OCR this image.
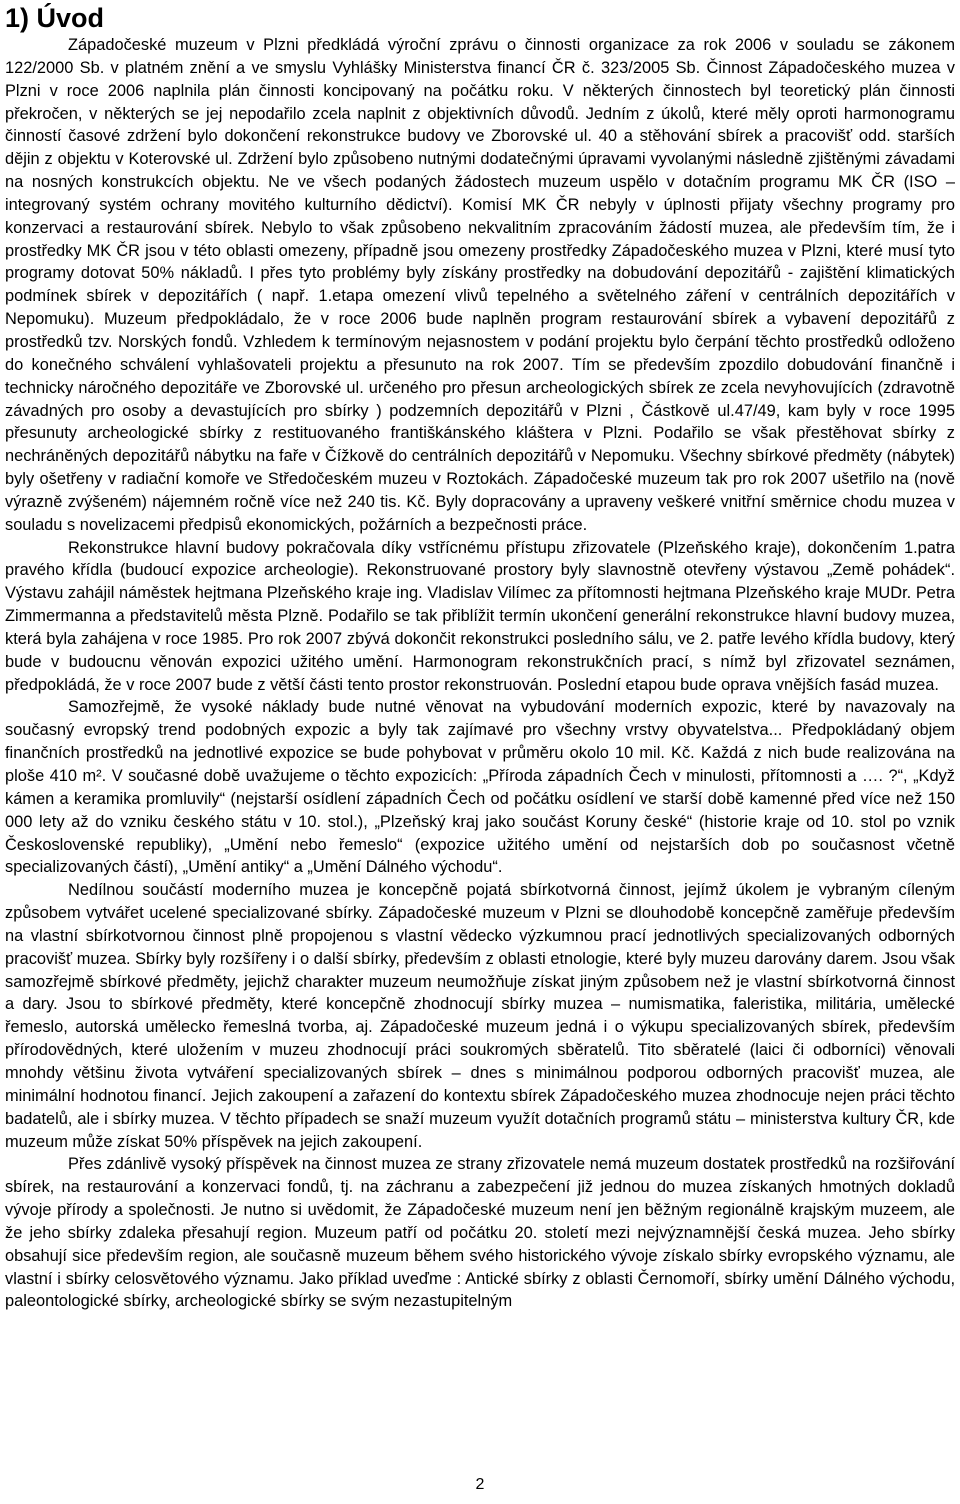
1) Úvod

Západočeské muzeum v Plzni předkládá výroční zprávu o činnosti organizace za rok 2006 v souladu se zákonem 122/2000 Sb. v platném znění a ve smyslu Vyhlášky Ministerstva financí ČR č. 323/2005 Sb. Činnost Západočeského muzea v Plzni v roce 2006 naplnila plán činnosti koncipovaný na počátku roku. V některých činnostech byl teoretický plán činnosti překročen, v některých se jej nepodařilo zcela naplnit z objektivních důvodů. Jedním z úkolů, které měly oproti harmonogramu činností časové zdržení bylo dokončení rekonstrukce budovy ve Zborovské ul. 40 a stěhování sbírek a pracovišť odd. starších dějin z objektu v Koterovské ul. Zdržení bylo způsobeno nutnými dodatečnými úpravami vyvolanými následně zjištěnými závadami na nosných konstrukcích objektu. Ne ve všech podaných žádostech muzeum uspělo v dotačním programu MK ČR (ISO – integrovaný systém ochrany movitého kulturního dědictví). Komisí MK ČR nebyly v úplnosti přijaty všechny programy pro konzervaci a restaurování sbírek. Nebylo to však způsobeno nekvalitním zpracováním žádostí muzea, ale především tím, že i prostředky MK ČR jsou v této oblasti omezeny, případně jsou omezeny prostředky Západočeského muzea v Plzni, které musí tyto programy dotovat 50% nákladů. I přes tyto problémy byly získány prostředky na dobudování depozitářů - zajištění klimatických podmínek sbírek v depozitářích ( např. 1.etapa omezení vlivů tepelného a světelného záření v centrálních depozitářích v Nepomuku). Muzeum předpokládalo, že v roce 2006 bude naplněn program restaurování sbírek a vybavení depozitářů z prostředků tzv. Norských fondů. Vzhledem k termínovým nejasnostem v podání projektu bylo čerpání těchto prostředků odloženo do konečného schválení vyhlašovateli projektu a přesunuto na rok 2007. Tím se především zpozdilo dobudování finančně i technicky náročného depozitáře ve Zborovské ul. určeného pro přesun archeologických sbírek ze zcela nevyhovujících (zdravotně závadných pro osoby a devastujících pro sbírky ) podzemních depozitářů v Plzni , Částkově ul.47/49, kam byly v roce 1995 přesunuty archeologické sbírky z restituovaného františkánského kláštera v Plzni. Podařilo se však přestěhovat sbírky z nechráněných depozitářů nábytku na faře v Čížkově do centrálních depozitářů v Nepomuku. Všechny sbírkové předměty (nábytek) byly ošetřeny v radiační komoře ve Středočeském muzeu v Roztokách. Západočeské muzeum tak pro rok 2007 ušetřilo na (nově výrazně zvýšeném) nájemném ročně více než 240 tis. Kč. Byly dopracovány a upraveny veškeré vnitřní směrnice chodu muzea v souladu s novelizacemi předpisů ekonomických, požárních a bezpečnosti práce.

Rekonstrukce hlavní budovy pokračovala díky vstřícnému přístupu zřizovatele (Plzeňského kraje), dokončením 1.patra pravého křídla (budoucí expozice archeologie). Rekonstruované prostory byly slavnostně otevřeny výstavou „Země pohádek“. Výstavu zahájil náměstek hejtmana Plzeňského kraje ing. Vladislav Vilímec za přítomnosti hejtmana Plzeňského kraje MUDr. Petra Zimmermanna a představitelů města Plzně. Podařilo se tak přiblížit termín ukončení generální rekonstrukce hlavní budovy muzea, která byla zahájena v roce 1985. Pro rok 2007 zbývá dokončit rekonstrukci posledního sálu, ve 2. patře levého křídla budovy, který bude v budoucnu věnován expozici užitého umění. Harmonogram rekonstrukčních prací, s nímž byl zřizovatel seznámen, předpokládá, že v roce 2007 bude z větší části tento prostor rekonstruován. Poslední etapou bude oprava vnějších fasád muzea.

Samozřejmě, že vysoké náklady bude nutné věnovat na vybudování moderních expozic, které by navazovaly na současný evropský trend podobných expozic a byly tak zajímavé pro všechny vrstvy obyvatelstva... Předpokládaný objem finančních prostředků na jednotlivé expozice se bude pohybovat v průměru okolo 10 mil. Kč. Každá z nich bude realizována na ploše 410 m². V současné době uvažujeme o těchto expozicích: „Příroda západních Čech v minulosti, přítomnosti a …. ?“, „Když kámen a keramika promluvily“ (nejstarší osídlení západních Čech od počátku osídlení ve starší době kamenné před více než 150 000 lety až do vzniku českého státu v 10. stol.), „Plzeňský kraj jako součást Koruny české“ (historie kraje od 10. stol po vznik Československé republiky), „Umění nebo řemeslo“ (expozice užitého umění od nejstarších dob po současnost včetně specializovaných částí), „Umění antiky“ a „Umění Dálného východu“.

Nedílnou součástí moderního muzea je koncepčně pojatá sbírkotvorná činnost, jejímž úkolem je vybraným cíleným způsobem vytvářet ucelené specializované sbírky. Západočeské muzeum v Plzni se dlouhodobě koncepčně zaměřuje především na vlastní sbírkotvornou činnost plně propojenou s vlastní vědecko výzkumnou prací jednotlivých specializovaných odborných pracovišť muzea. Sbírky byly rozšířeny i o další sbírky, především z oblasti etnologie, které byly muzeu darovány darem. Jsou však samozřejmě sbírkové předměty, jejichž charakter muzeum neumožňuje získat jiným způsobem než je vlastní sbírkotvorná činnost a dary. Jsou to sbírkové předměty, které koncepčně zhodnocují sbírky muzea – numismatika, faleristika, militária, umělecké řemeslo, autorská umělecko řemeslná tvorba, aj. Západočeské muzeum jedná i o výkupu specializovaných sbírek, především přírodovědných, které uložením v muzeu zhodnocují práci soukromých sběratelů. Tito sběratelé (laici či odborníci) věnovali mnohdy většinu života vytváření specializovaných sbírek – dnes s minimálnou podporou odborných pracovišť muzea, ale minimální hodnotou financí. Jejich zakoupení a zařazení do kontextu sbírek Západočeského muzea zhodnocuje nejen práci těchto badatelů, ale i sbírky muzea. V těchto případech se snaží muzeum využít dotačních programů státu – ministerstva kultury ČR, kde muzeum může získat 50% příspěvek na jejich zakoupení.

Přes zdánlivě vysoký příspěvek na činnost muzea ze strany zřizovatele nemá muzeum dostatek prostředků na rozšiřování sbírek, na restaurování a konzervaci fondů, tj. na záchranu a zabezpečení již jednou do muzea získaných hmotných dokladů vývoje přírody a společnosti. Je nutno si uvědomit, že Západočeské muzeum není jen běžným regionálně krajským muzeem, ale že jeho sbírky zdaleka přesahují region. Muzeum patří od počátku 20. století mezi nejvýznamnější česká muzea. Jeho sbírky obsahují sice především region, ale současně muzeum během svého historického vývoje získalo sbírky evropského významu, ale vlastní i sbírky celosvětového významu. Jako příklad uveďme : Antické sbírky z oblasti Černomoří, sbírky umění Dálného východu, paleontologické sbírky, archeologické sbírky se svým nezastupitelným

2
